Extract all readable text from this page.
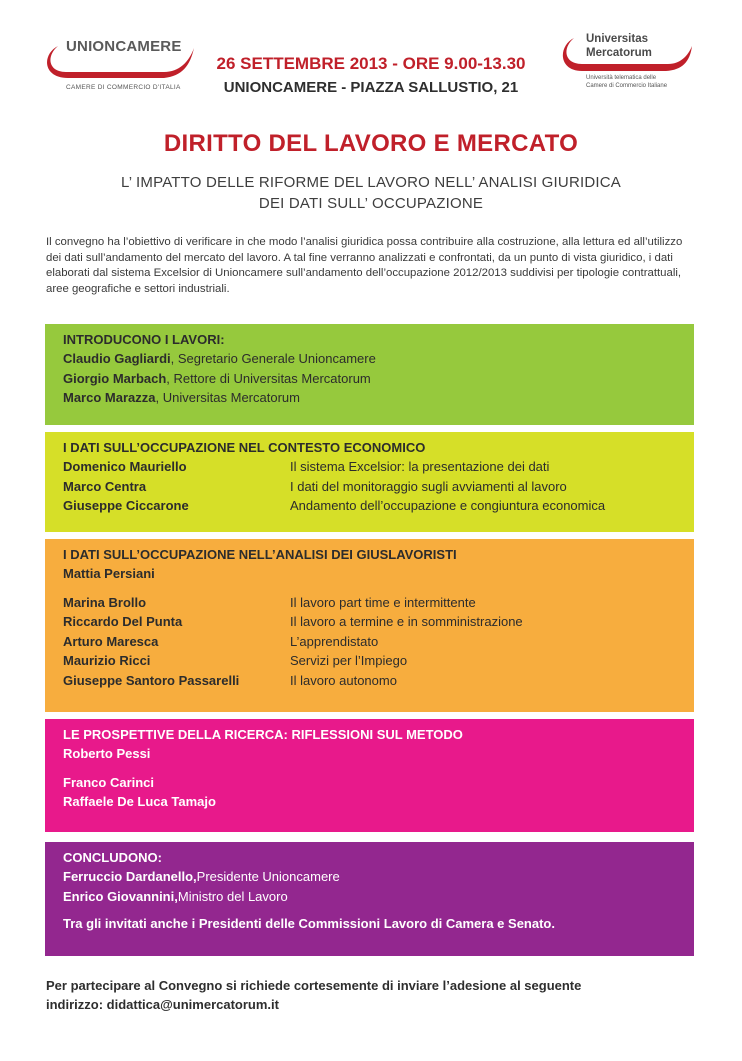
UNIONCAMERE
CAMERE DI COMMERCIO D'ITALIA
26 SETTEMBRE 2013 - ORE 9.00-13.30
UNIONCAMERE - PIAZZA SALLUSTIO, 21
Universitas
Mercatorum
Università telematica delle
Camere di Commercio Italiane
DIRITTO DEL LAVORO E MERCATO
L’ IMPATTO DELLE RIFORME DEL LAVORO NELL’ ANALISI GIURIDICA
DEI DATI SULL’ OCCUPAZIONE
Il convegno ha l’obiettivo di verificare in che modo l’analisi giuridica possa contribuire alla costruzione, alla lettura ed all’utilizzo dei dati sull’andamento del mercato del lavoro. A tal fine verranno analizzati e confrontati, da un punto di vista giuridico, i dati elaborati dal sistema Excelsior di Unioncamere sull’andamento dell’occupazione 2012/2013 suddivisi per tipologie contrattuali, aree geografiche e settori industriali.
INTRODUCONO I LAVORI:
Claudio Gagliardi , Segretario Generale Unioncamere
Giorgio Marbach , Rettore di Universitas Mercatorum
Marco Marazza , Universitas Mercatorum
I DATI SULL’OCCUPAZIONE NEL CONTESTO ECONOMICO
Domenico Mauriello	Il sistema Excelsior: la presentazione dei dati
Marco Centra	I dati del monitoraggio sugli avviamenti al lavoro
Giuseppe Ciccarone	Andamento dell’occupazione e congiuntura economica
I DATI SULL’OCCUPAZIONE NELL’ANALISI DEI GIUSLAVORISTI
Mattia Persiani
Marina Brollo	Il lavoro part time e intermittente
Riccardo Del Punta	Il lavoro a termine e in somministrazione
Arturo Maresca	L’apprendistato
Maurizio Ricci	Servizi per l’Impiego
Giuseppe Santoro Passarelli	Il lavoro autonomo
LE PROSPETTIVE DELLA RICERCA: RIFLESSIONI SUL METODO
Roberto Pessi
Franco Carinci
Raffaele De Luca Tamajo
CONCLUDONO:
Ferruccio Dardanello, Presidente Unioncamere
Enrico Giovannini, Ministro del Lavoro
Tra gli invitati anche i Presidenti delle Commissioni Lavoro di Camera e Senato.
Per partecipare al Convegno si richiede cortesemente di inviare l’adesione al seguente
indirizzo: didattica@unimercatorum.it
